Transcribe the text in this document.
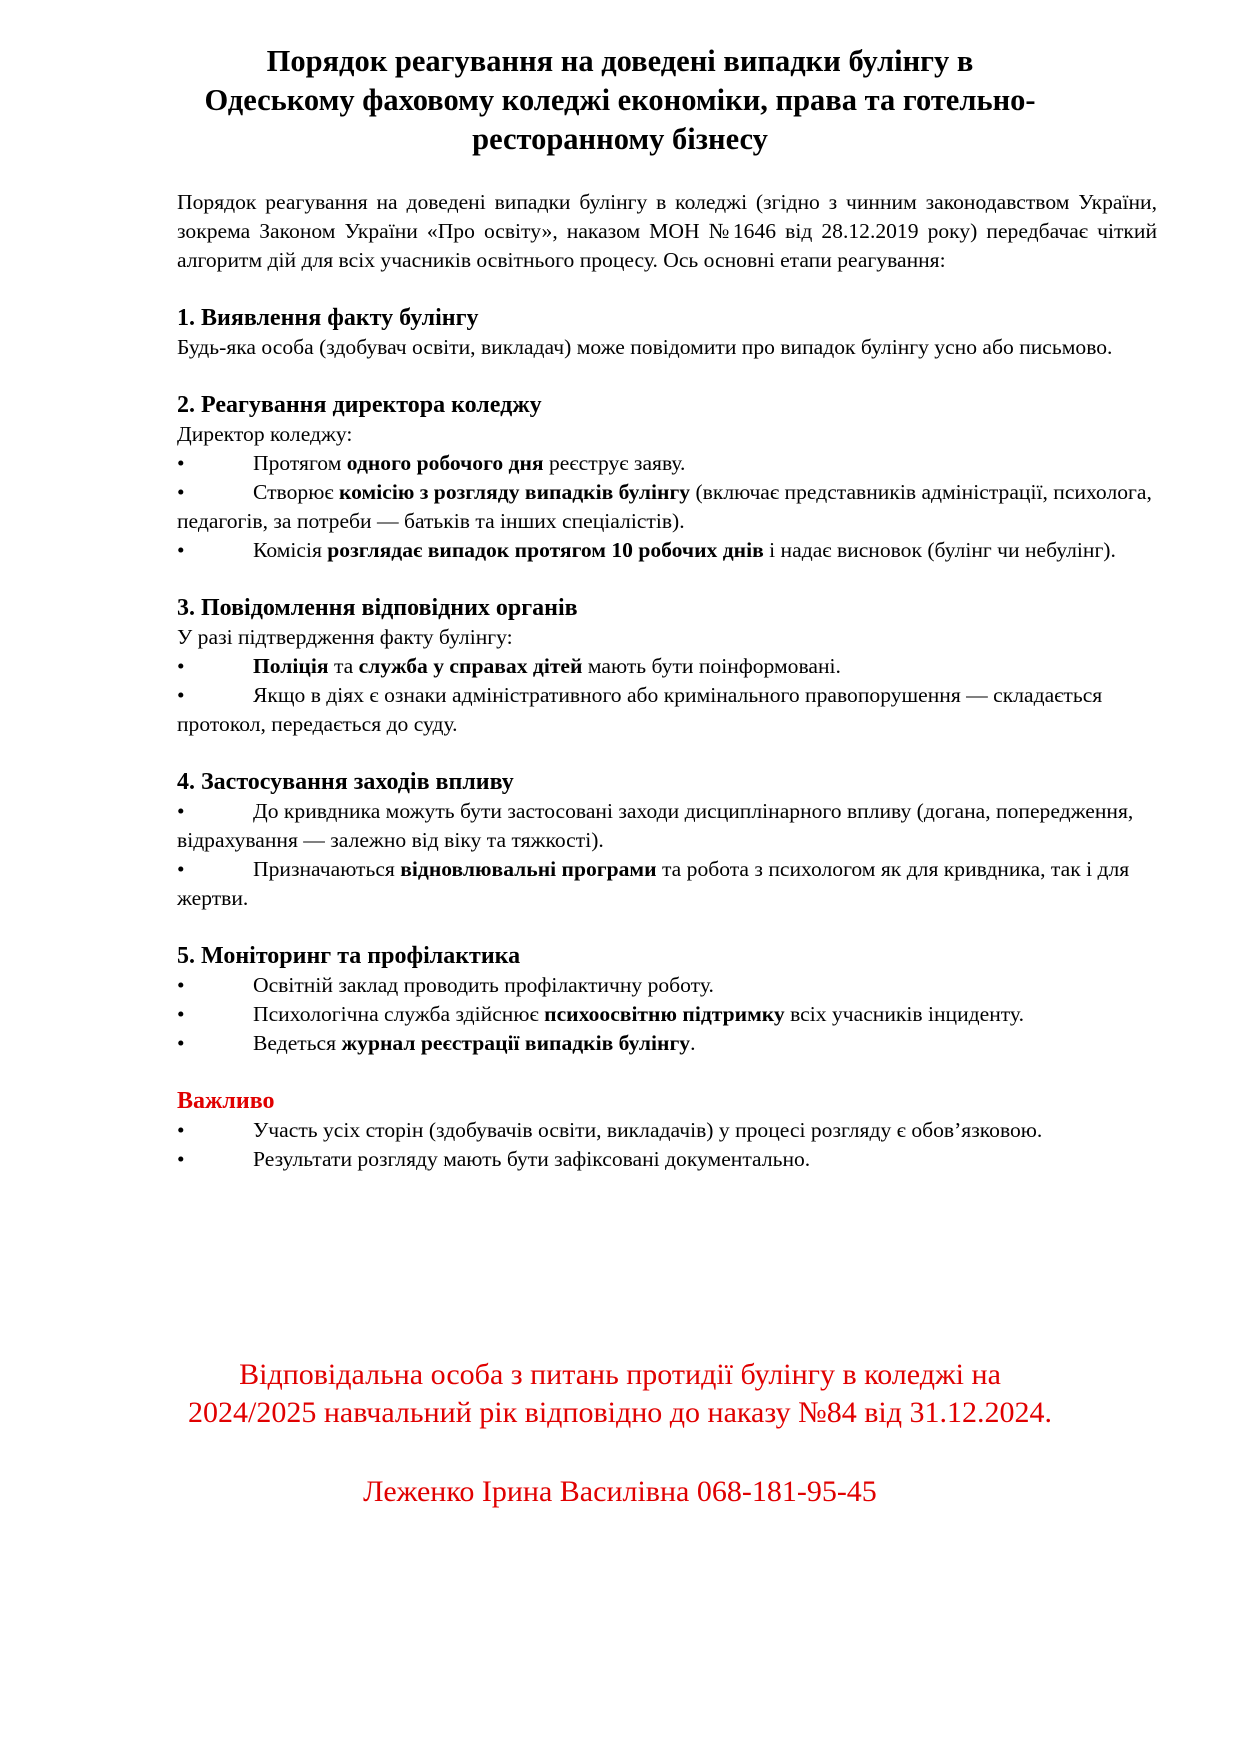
Порядок реагування на доведені випадки булінгу в
Одеському фаховому коледжі економіки, права та готельно-
ресторанному бізнесу
Порядок реагування на доведені випадки булінгу в коледжі (згідно з чинним законодавством України, зокрема Законом України «Про освіту», наказом МОН №1646 від 28.12.2019 року) передбачає чіткий алгоритм дій для всіх учасників освітнього процесу. Ось основні етапи реагування:
1. Виявлення факту булінгу
Будь-яка особа (здобувач освіти, викладач) може повідомити про випадок булінгу усно або письмово.
2. Реагування директора коледжу
Директор коледжу:
•	Протягом одного робочого дня реєструє заяву.
•	Створює комісію з розгляду випадків булінгу (включає представників адміністрації, психолога, педагогів, за потреби — батьків та інших спеціалістів).
•	Комісія розглядає випадок протягом 10 робочих днів і надає висновок (булінг чи небулінг).
3. Повідомлення відповідних органів
У разі підтвердження факту булінгу:
•	Поліція та служба у справах дітей мають бути поінформовані.
•	Якщо в діях є ознаки адміністративного або кримінального правопорушення — складається протокол, передається до суду.
4. Застосування заходів впливу
•	До кривдника можуть бути застосовані заходи дисциплінарного впливу (догана, попередження, відрахування — залежно від віку та тяжкості).
•	Призначаються відновлювальні програми та робота з психологом як для кривдника, так і для жертви.
5. Моніторинг та профілактика
•	Освітній заклад проводить профілактичну роботу.
•	Психологічна служба здійснює психоосвітню підтримку всіх учасників інциденту.
•	Ведеться журнал реєстрації випадків булінгу.
Важливо
•	Участь усіх сторін (здобувачів освіти, викладачів) у процесі розгляду є обов’язковою.
•	Результати розгляду мають бути зафіксовані документально.
Відповідальна особа з питань протидії булінгу в коледжі на
2024/2025 навчальний рік відповідно до наказу №84 від 31.12.2024.
Леженко Ірина Василівна 068-181-95-45
